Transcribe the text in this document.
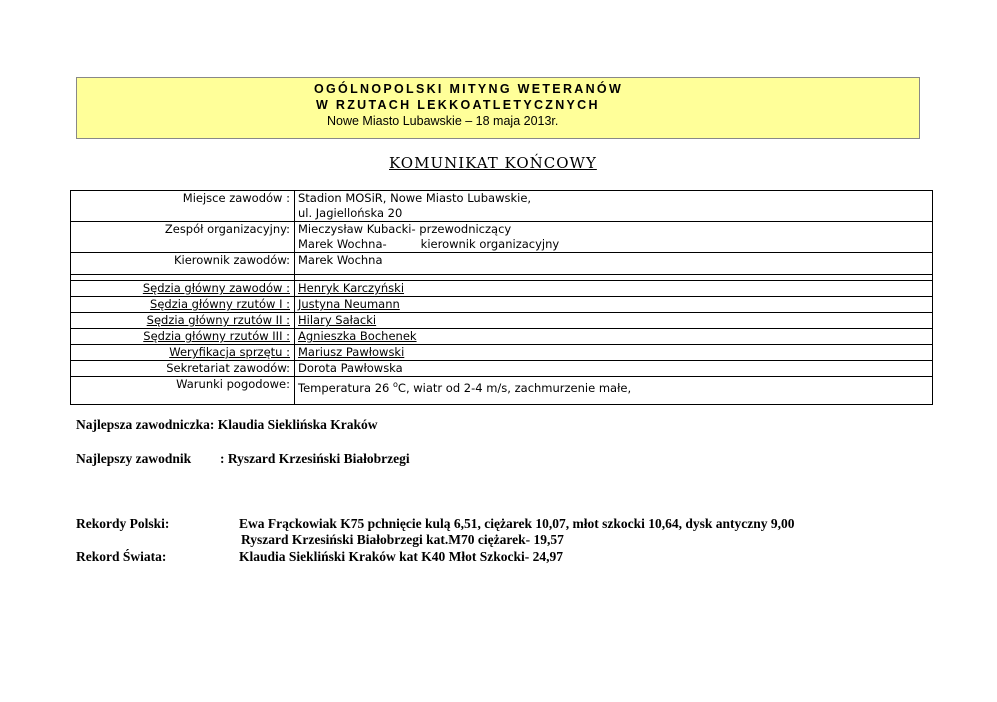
OGÓLNOPOLSKI MITYNG WETERANÓW
W RZUTACH LEKKOATLETYCZNYCH
Nowe Miasto Lubawskie – 18 maja 2013r.
KOMUNIKAT KOŃCOWY
Miejsce zawodów :	Stadion MOSiR, Nowe Miasto Lubawskie,
ul. Jagiellońska 20

Zespół organizacyjny:	Mieczysław Kubacki- przewodniczący
Marek Wochna- kierownik organizacyjny

Kierownik zawodów:	Marek Wochna

Sędzia główny zawodów :	Henryk Karczyński
Sędzia główny rzutów I :	Justyna Neumann
Sędzia główny rzutów II :	Hilary Sałacki
Sędzia główny rzutów III :	Agnieszka Bochenek
Weryfikacja sprzętu :	Mariusz Pawłowski
Sekretariat zawodów:	Dorota Pawłowska
Warunki pogodowe:	Temperatura 26 $^o$C, wiatr od 2-4 m/s, zachmurzenie małe,
Najlepsza zawodniczka: Klaudia Sieklińska Kraków
Najlepszy zawodnik : Ryszard Krzesiński Białobrzegi
Rekordy Polski:	Ewa Frąckowiak K75 pchnięcie kulą 6,51, ciężarek 10,07, młot szkocki 10,64, dysk antyczny 9,00
Ryszard Krzesiński Białobrzegi kat.M70 ciężarek- 19,57
Rekord Świata:	Klaudia Siekliński Kraków kat K40 Młot Szkocki- 24,97
